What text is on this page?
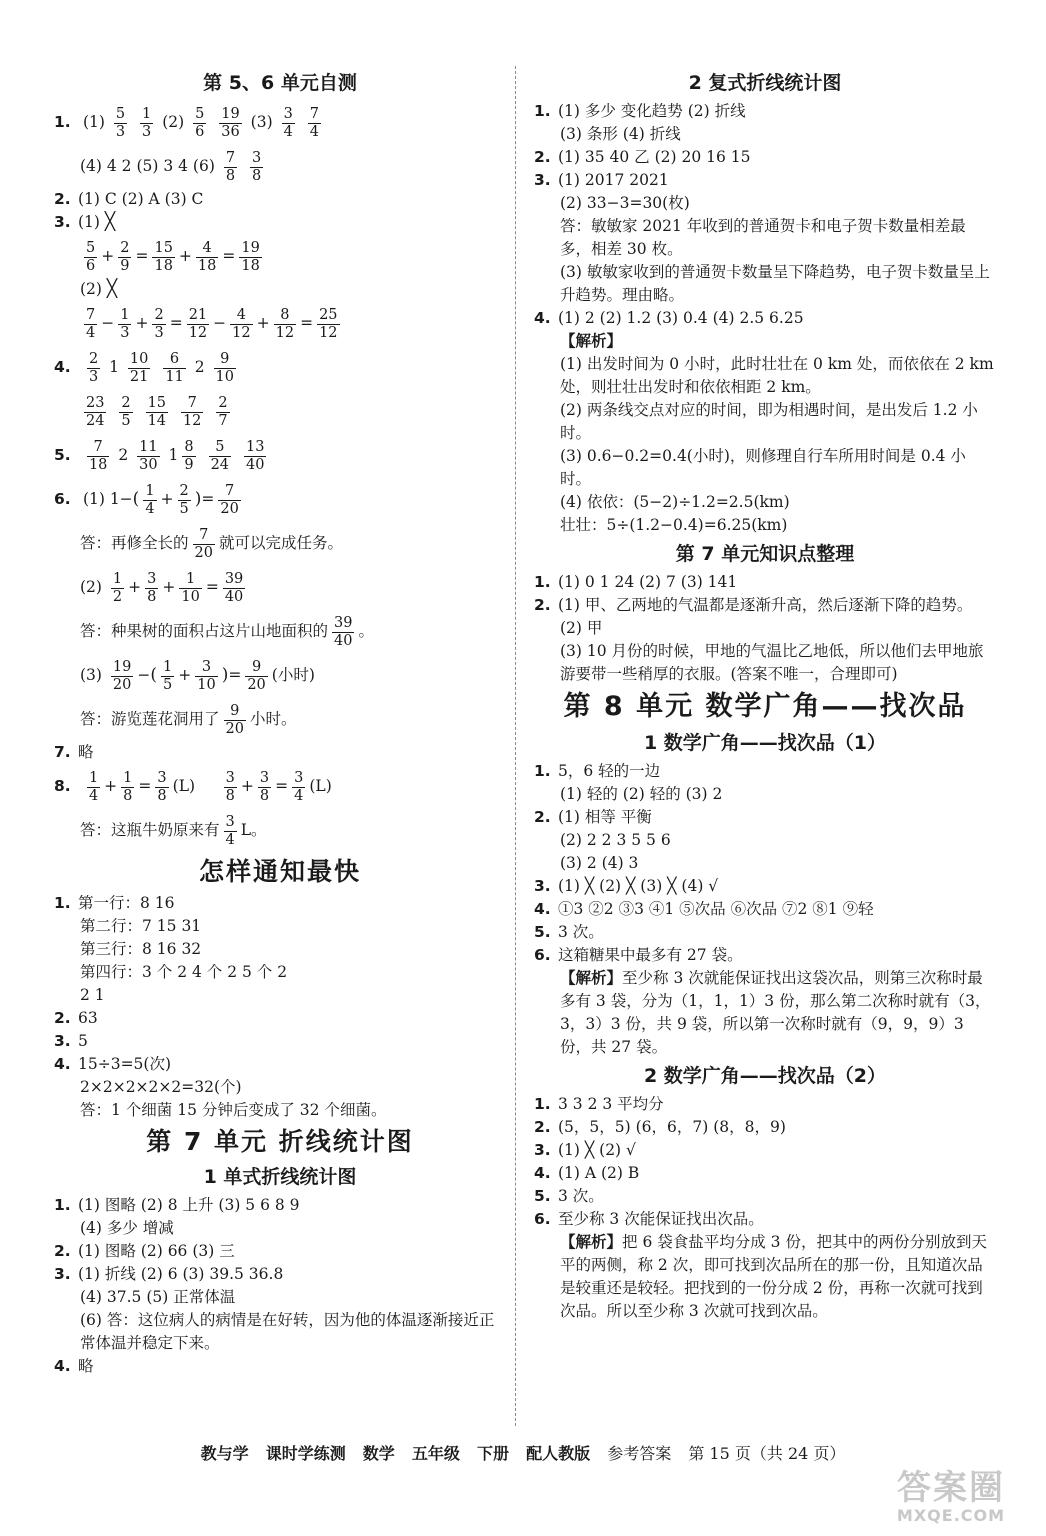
第 5、6 单元自测
1. $(1) \frac{5}{3}$
$\frac{1}{3} (2) \frac{5}{6}$
$\frac{19}{36} (3) \frac{3}{4}$
$\frac{7}{4}$
(4) 4 2 (5) 3 4 $(6) \frac{7}{8}$
$\frac{3}{8}$
2. (1) C (2) A (3) C
3. (1) ╳
$\frac{5}{6} + \frac{2}{9} = \frac{15}{18} + \frac{4}{18} = \frac{19}{18}$
(2) ╳
$\frac{7}{4} - \frac{1}{3} + \frac{2}{3} = \frac{21}{12} - \frac{4}{12} + \frac{8}{12} = \frac{25}{12}$
4. $\frac{2}{3} 1 \frac{10}{21}$
$\frac{6}{11} 2 \frac{9}{10}$
$\frac{23}{24}$
$\frac{2}{5}$
$\frac{15}{14}$
$\frac{7}{12}$
$\frac{2}{7}$
5. $\frac{7}{18} 2 \frac{11}{30} 1 \frac{8}{9}$
$\frac{5}{24}$
$\frac{13}{40}$
6. (1) $1-( \frac{1}{4} + \frac{2}{5}$ )= $\frac{7}{20}$
答：再修全长的 $\frac{7}{20}$ 就可以完成任务。
$(2) \frac{1}{2} + \frac{3}{8} + \frac{1}{10} = \frac{39}{40}$
答：种果树的面积占这片山地面积的 $\frac{39}{40}$ 。
$(3) \frac{19}{20}$ −( $\frac{1}{5} + \frac{3}{10}$ )= $\frac{9}{20}$ (小时)
答：游览莲花洞用了 $\frac{9}{20}$ 小时。
7. 略
8. $\frac{1}{4} + \frac{1}{8} = \frac{3}{8} (L) \frac{3}{8} + \frac{3}{8} = \frac{3}{4} (L)$
答：这瓶牛奶原来有 $\frac{3}{4}$ L。
怎样通知最快
1. 第一行：8 16
第二行：7 15 31
第三行：8 16 32
第四行：3 个 2 4 个 2 5 个 2
2 1
2. 63
3. 5
4. 15÷3=5(次)
2×2×2×2×2=32(个)
答：1 个细菌 15 分钟后变成了 32 个细菌。
第 7 单元 折线统计图
1 单式折线统计图
1. (1) 图略 (2) 8 上升 (3) 5 6 8 9
(4) 多少 增减
2. (1) 图略 (2) 66 (3) 三
3. (1) 折线 (2) 6 (3) 39.5 36.8
(4) 37.5 (5) 正常体温
(6) 答：这位病人的病情是在好转，因为他的体温逐渐接近正常体温并稳定下来。
4. 略
2 复式折线统计图
1. (1) 多少 变化趋势 (2) 折线
(3) 条形 (4) 折线
2. (1) 35 40 乙 (2) 20 16 15
3. (1) 2017 2021
(2) 33−3=30(枚)
答：敏敏家 2021 年收到的普通贺卡和电子贺卡数量相差最多，相差 30 枚。
(3) 敏敏家收到的普通贺卡数量呈下降趋势，电子贺卡数量呈上升趋势。理由略。
4. (1) 2 (2) 1.2 (3) 0.4 (4) 2.5 6.25
【解析】
(1) 出发时间为 0 小时，此时壮壮在 0 km 处，而依依在 2 km 处，则壮壮出发时和依依相距 2 km。
(2) 两条线交点对应的时间，即为相遇时间，是出发后 1.2 小时。
(3) 0.6−0.2=0.4(小时)，则修理自行车所用时间是 0.4 小时。
(4) 依依：(5−2)÷1.2=2.5(km)
壮壮：5÷(1.2−0.4)=6.25(km)
第 7 单元知识点整理
1. (1) 0 1 24 (2) 7 (3) 141
2. (1) 甲、乙两地的气温都是逐渐升高，然后逐渐下降的趋势。
(2) 甲
(3) 10 月份的时候，甲地的气温比乙地低，所以他们去甲地旅游要带一些稍厚的衣服。(答案不唯一，合理即可)
第 8 单元 数学广角——找次品
1 数学广角——找次品（1）
1. 5，6 轻的一边
(1) 轻的 (2) 轻的 (3) 2
2. (1) 相等 平衡
(2) 2 2 3 5 5 6
(3) 2 (4) 3
3. (1) ╳ (2) ╳ (3) ╳ (4) √
4. ①3 ②2 ③3 ④1 ⑤次品 ⑥次品 ⑦2 ⑧1 ⑨轻
5. 3 次。
6. 这箱糖果中最多有 27 袋。
【解析】至少称 3 次就能保证找出这袋次品，则第三次称时最多有 3 袋，分为（1，1，1）3 份，那么第二次称时就有（3，3，3）3 份，共 9 袋，所以第一次称时就有（9，9，9）3 份，共 27 袋。
2 数学广角——找次品（2）
1. 3 3 2 3 平均分
2. (5，5，5) (6，6，7) (8，8，9)
3. (1) ╳ (2) √
4. (1) A (2) B
5. 3 次。
6. 至少称 3 次能保证找出次品。
【解析】把 6 袋食盐平均分成 3 份，把其中的两份分别放到天平的两侧，称 2 次，即可找到次品所在的那一份，且知道次品是较重还是较轻。把找到的一份分成 2 份，再称一次就可找到次品。所以至少称 3 次就可找到次品。
教与学 课时学练测 数学 五年级 下册 配人教版 参考答案 第 15 页（共 24 页）
答案圈
MXQE.COM
